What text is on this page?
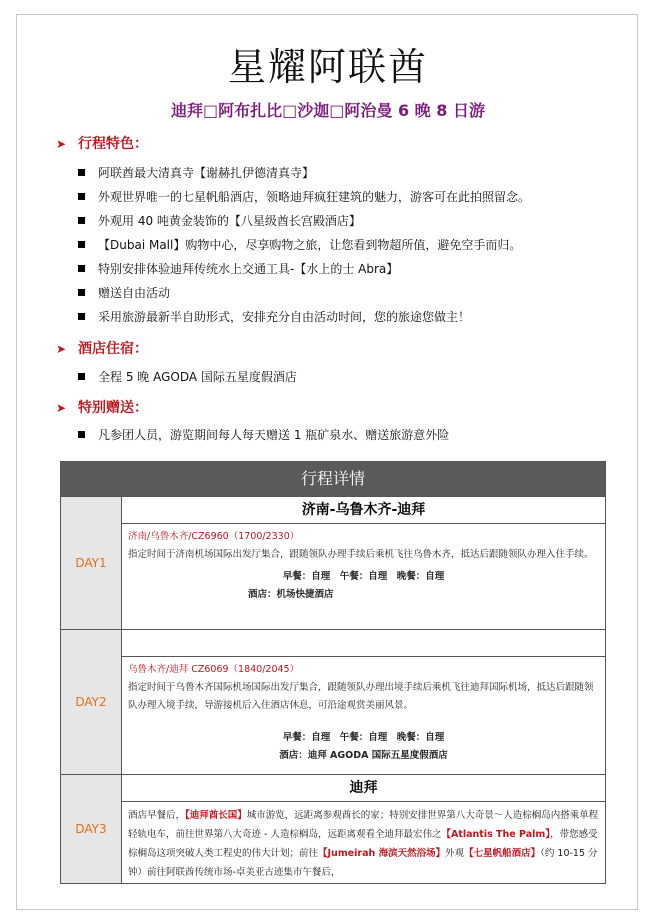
星耀阿联酋
迪拜□阿布扎比□沙迦□阿治曼 6 晚 8 日游
➤ 行程特色：
阿联酋最大清真寺【谢赫扎伊德清真寺】
外观世界唯一的七星帆船酒店，领略迪拜疯狂建筑的魅力，游客可在此拍照留念。
外观用 40 吨黄金装饰的【八星级酋长宫殿酒店】
【Dubai Mall】购物中心，尽享购物之旅，让您看到物超所值，避免空手而归。
特别安排体验迪拜传统水上交通工具-【水上的士 Abra】
赠送自由活动
采用旅游最新半自助形式，安排充分自由活动时间，您的旅途您做主！
➤ 酒店住宿：
全程 5 晚 AGODA 国际五星度假酒店
➤ 特别赠送：
凡参团人员，游览期间每人每天赠送 1 瓶矿泉水、赠送旅游意外险
行程详情
DAY1
济南-乌鲁木齐-迪拜
济南/乌鲁木齐/CZ6960（1700/2330）
指定时间于济南机场国际出发厅集合，跟随领队办理手续后乘机飞往乌鲁木齐，抵达后跟随领队办理入住手续。
早餐：自理　午餐：自理　晚餐：自理
酒店：机场快捷酒店
DAY2
乌鲁木齐/迪拜 CZ6069（1840/2045）
指定时间于乌鲁木齐国际机场国际出发厅集合，跟随领队办理出境手续后乘机飞往迪拜国际机场，抵达后跟随领队办理入境手续，导游接机后入住酒店休息，可沿途观赏美丽风景。
早餐：自理　午餐：自理　晚餐：自理
酒店：迪拜 AGODA 国际五星度假酒店
DAY3
迪拜
酒店早餐后，【迪拜酋长国】城市游览，远距离参观酋长的家；特别安排世界第八大奇景～人造棕榈岛内搭乘单程轻轨电车，前往世界第八大奇迹 - 人造棕榈岛，远距离观看全迪拜最宏伟之【Atlantis The Palm】，带您感受棕榈岛这项突破人类工程史的伟大计划；前往【Jumeirah 海滨天然浴场】外观【七星帆船酒店】（约 10-15 分钟）前往阿联酋传统市场-卓美亚古迹集市午餐后，
